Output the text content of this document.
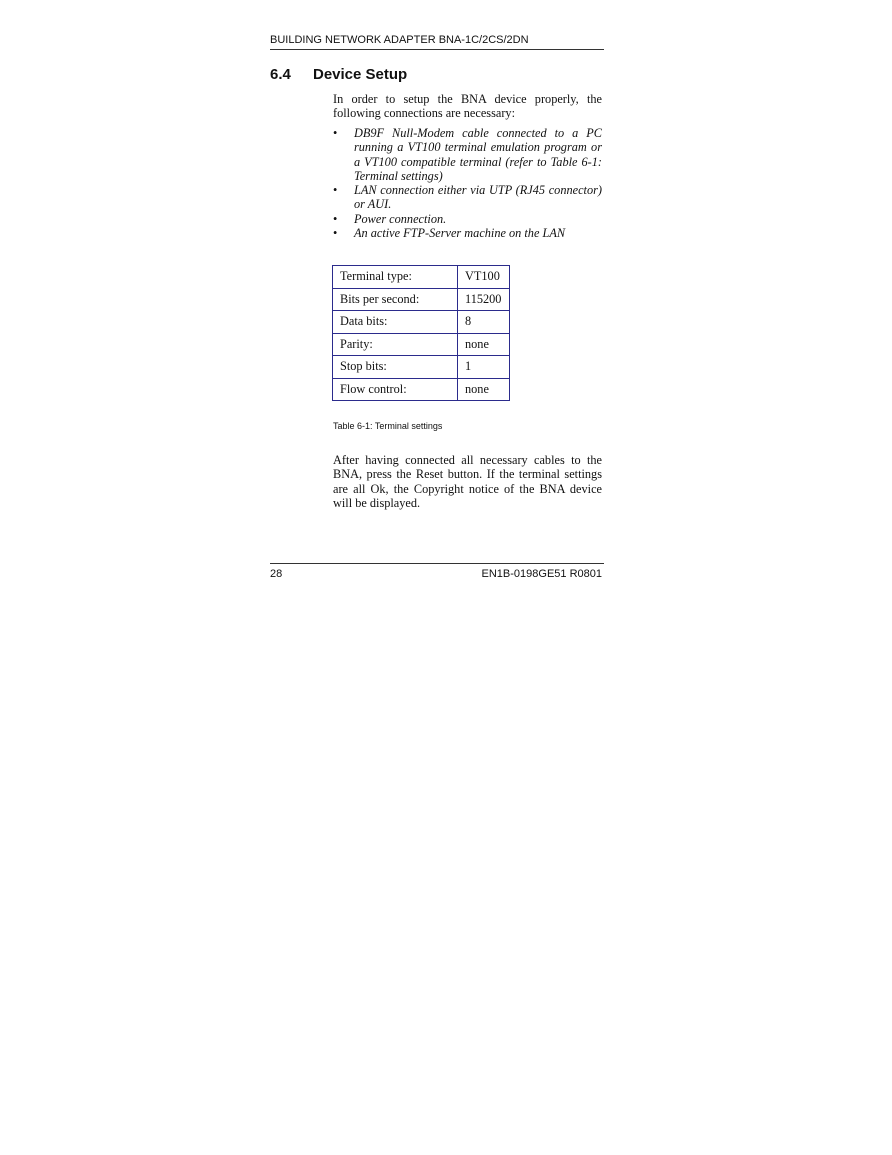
BUILDING NETWORK ADAPTER BNA-1C/2CS/2DN
6.4 Device Setup
In order to setup the BNA device properly, the following connections are necessary:
• DB9F Null-Modem cable connected to a PC running a VT100 terminal emulation program or a VT100 compatible terminal (refer to Table 6-1: Terminal settings)
• LAN connection either via UTP (RJ45 connector) or AUI.
• Power connection.
• An active FTP-Server machine on the LAN
Terminal type:	VT100
Bits per second:	115200
Data bits:	8
Parity:	none
Stop bits:	1
Flow control:	none
Table 6-1: Terminal settings
After having connected all necessary cables to the BNA, press the Reset button. If the terminal settings are all Ok, the Copyright notice of the BNA device will be displayed.
28	EN1B-0198GE51 R0801
